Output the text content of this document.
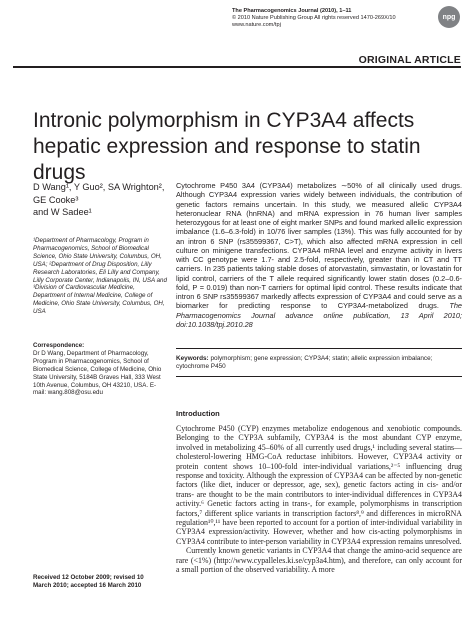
The Pharmacogenomics Journal (2010), 1–11
© 2010 Nature Publishing Group All rights reserved 1470-269X/10
www.nature.com/tpj
npg
ORIGINAL ARTICLE
Intronic polymorphism in CYP3A4 affects hepatic expression and response to statin drugs
D Wang¹, Y Guo², SA Wrighton², GE Cooke³
and W Sadee¹
¹Department of Pharmacology, Program in Pharmacogenomics, School of Biomedical Science, Ohio State University, Columbus, OH, USA; ²Department of Drug Disposition, Lilly Research Laboratories, Eli Lilly and Company, Lilly Corporate Center, Indianapolis, IN, USA and ³Division of Cardiovascular Medicine, Department of Internal Medicine, College of Medicine, Ohio State University, Columbus, OH, USA
Correspondence:
Dr D Wang, Department of Pharmacology, Program in Pharmacogenomics, School of Biomedical Science, College of Medicine, Ohio State University, 5184B Graves Hall, 333 West 10th Avenue, Columbus, OH 43210, USA. E-mail: wang.808@osu.edu
Received 12 October 2009; revised 10 March 2010; accepted 16 March 2010
Cytochrome P450 3A4 (CYP3A4) metabolizes ∼50% of all clinically used drugs. Although CYP3A4 expression varies widely between individuals, the contribution of genetic factors remains uncertain. In this study, we measured allelic CYP3A4 heteronuclear RNA (hnRNA) and mRNA expression in 76 human liver samples heterozygous for at least one of eight marker SNPs and found marked allelic expression imbalance (1.6–6.3-fold) in 10/76 liver samples (13%). This was fully accounted for by an intron 6 SNP (rs35599367, C>T), which also affected mRNA expression in cell culture on minigene transfections. CYP3A4 mRNA level and enzyme activity in livers with CC genotype were 1.7- and 2.5-fold, respectively, greater than in CT and TT carriers. In 235 patients taking stable doses of atorvastatin, simvastatin, or lovastatin for lipid control, carriers of the T allele required significantly lower statin doses (0.2–0.6-fold, P = 0.019) than non-T carriers for optimal lipid control. These results indicate that intron 6 SNP rs35599367 markedly affects expression of CYP3A4 and could serve as a biomarker for predicting response to CYP3A4-metabolized drugs. The Pharmacogenomics Journal advance online publication, 13 April 2010; doi:10.1038/tpj.2010.28
Keywords: polymorphism; gene expression; CYP3A4; statin; allelic expression imbalance; cytochrome P450
Introduction

Cytochrome P450 (CYP) enzymes metabolize endogenous and xenobiotic compounds. Belonging to the CYP3A subfamily, CYP3A4 is the most abundant CYP enzyme, involved in metabolizing 45–60% of all currently used drugs,¹ including several statins—cholesterol-lowering HMG-CoA reductase inhibitors. However, CYP3A4 activity or protein content shows 10–100-fold inter-individual variations,²⁻⁵ influencing drug response and toxicity. Although the expression of CYP3A4 can be affected by non-genetic factors (like diet, inducer or depressor, age, sex), genetic factors acting in cis- and/or trans- are thought to be the main contributors to inter-individual differences in CYP3A4 activity.⁶ Genetic factors acting in trans-, for example, polymorphisms in transcription factors,⁷ different splice variants in transcription factors⁸,⁹ and differences in microRNA regulation¹⁰,¹¹ have been reported to account for a portion of inter-individual variability in CYP3A4 expression/activity. However, whether and how cis-acting polymorphisms in CYP3A4 contribute to inter-person variability in CYP3A4 expression remains unresolved.

Currently known genetic variants in CYP3A4 that change the amino-acid sequence are rare (<1%) (http://www.cypalleles.ki.se/cyp3a4.htm), and therefore, can only account for a small portion of the observed variability. A more
